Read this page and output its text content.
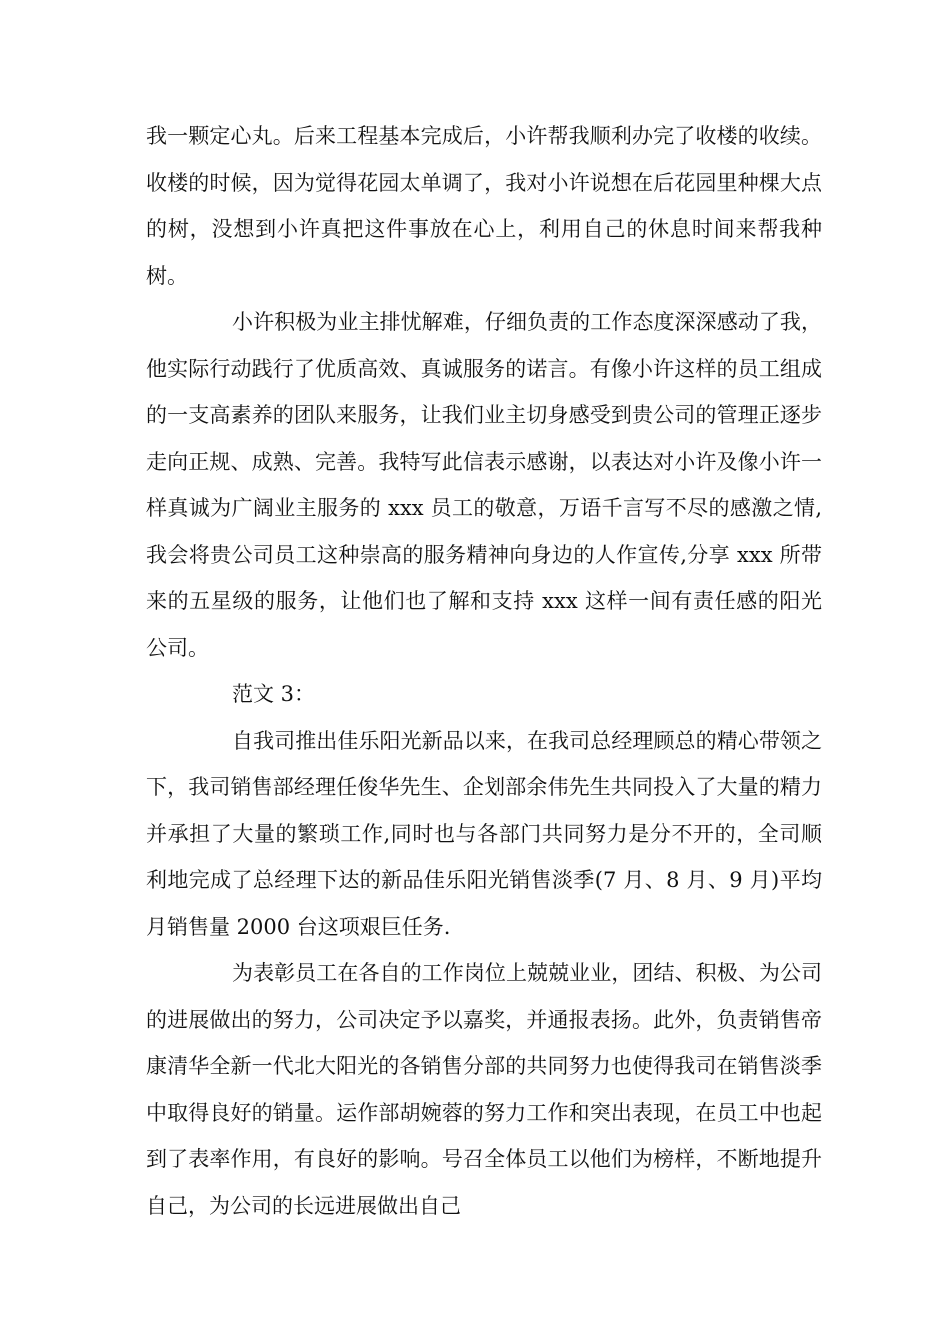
我一颗定心丸。后来工程基本完成后，小许帮我顺利办完了收楼的收续。收楼的时候，因为觉得花园太单调了，我对小许说想在后花园里种棵大点的树，没想到小许真把这件事放在心上，利用自己的休息时间来帮我种树。

小许积极为业主排忧解难，仔细负责的工作态度深深感动了我，他实际行动践行了优质高效、真诚服务的诺言。有像小许这样的员工组成的一支高素养的团队来服务，让我们业主切身感受到贵公司的管理正逐步走向正规、成熟、完善。我特写此信表示感谢，以表达对小许及像小许一样真诚为广阔业主服务的 xxx 员工的敬意，万语千言写不尽的感激之情,我会将贵公司员工这种崇高的服务精神向身边的人作宣传,分享 xxx 所带来的五星级的服务，让他们也了解和支持 xxx 这样一间有责任感的阳光公司。

范文 3：

自我司推出佳乐阳光新品以来，在我司总经理顾总的精心带领之下，我司销售部经理任俊华先生、企划部余伟先生共同投入了大量的精力并承担了大量的繁琐工作,同时也与各部门共同努力是分不开的，全司顺利地完成了总经理下达的新品佳乐阳光销售淡季(7 月、8 月、9 月)平均月销售量 2000 台这项艰巨任务.

为表彰员工在各自的工作岗位上兢兢业业，团结、积极、为公司的进展做出的努力，公司决定予以嘉奖，并通报表扬。此外，负责销售帝康清华全新一代北大阳光的各销售分部的共同努力也使得我司在销售淡季中取得良好的销量。运作部胡婉蓉的努力工作和突出表现，在员工中也起到了表率作用，有良好的影响。号召全体员工以他们为榜样，不断地提升自己，为公司的长远进展做出自己
